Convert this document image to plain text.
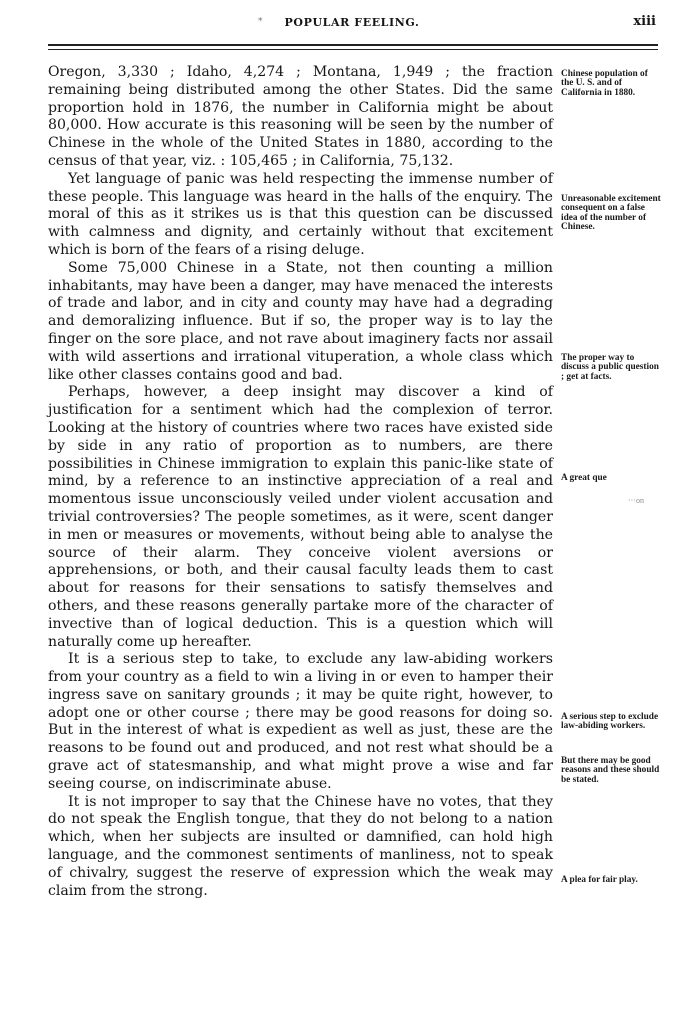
*	POPULAR FEELING.	xiii

Oregon, 3,330 ; Idaho, 4,274 ; Montana, 1,949 ; the fraction remaining being distributed among the other States. Did the same proportion hold in 1876, the number in California might be about 80,000. How accurate is this reasoning will be seen by the number of Chinese in the whole of the United States in 1880, according to the census of that year, viz. : 105,465 ; in California, 75,132.

Yet language of panic was held respecting the immense number of these people. This language was heard in the halls of the enquiry. The moral of this as it strikes us is that this question can be discussed with calmness and dignity, and certainly without that excitement which is born of the fears of a rising deluge.

Some 75,000 Chinese in a State, not then counting a million inhabitants, may have been a danger, may have menaced the interests of trade and labor, and in city and county may have had a degrading and demoralizing influence. But if so, the proper way is to lay the finger on the sore place, and not rave about imaginery facts nor assail with wild assertions and irrational vituperation, a whole class which like other classes contains good and bad.

Perhaps, however, a deep insight may discover a kind of justification for a sentiment which had the complexion of terror. Looking at the history of countries where two races have existed side by side in any ratio of proportion as to numbers, are there possibilities in Chinese immigration to explain this panic-like state of mind, by a reference to an instinctive appreciation of a real and momentous issue unconsciously veiled under violent accusation and trivial controversies? The people sometimes, as it were, scent danger in men or measures or movements, without being able to analyse the source of their alarm. They conceive violent aversions or apprehensions, or both, and their causal faculty leads them to cast about for reasons for their sensations to satisfy themselves and others, and these reasons generally partake more of the character of invective than of logical deduction. This is a question which will naturally come up hereafter.

It is a serious step to take, to exclude any law-abiding workers from your country as a field to win a living in or even to hamper their ingress save on sanitary grounds ; it may be quite right, however, to adopt one or other course ; there may be good reasons for doing so. But in the interest of what is expedient as well as just, these are the reasons to be found out and produced, and not rest what should be a grave act of statesmanship, and what might prove a wise and far seeing course, on indiscriminate abuse.

It is not improper to say that the Chinese have no votes, that they do not speak the English tongue, that they do not belong to a nation which, when her subjects are insulted or damnified, can hold high language, and the commonest sentiments of manliness, not to speak of chivalry, suggest the reserve of expression which the weak may claim from the strong.

Chinese population of the U. S. and of California in 1880.
Unreasonable excitement consequent on a false idea of the number of Chinese.
The proper way to discuss a public question ; get at facts.
A great que
···on
A serious step to exclude law-abiding workers.
But there may be good reasons and these should be stated.
A plea for fair play.
